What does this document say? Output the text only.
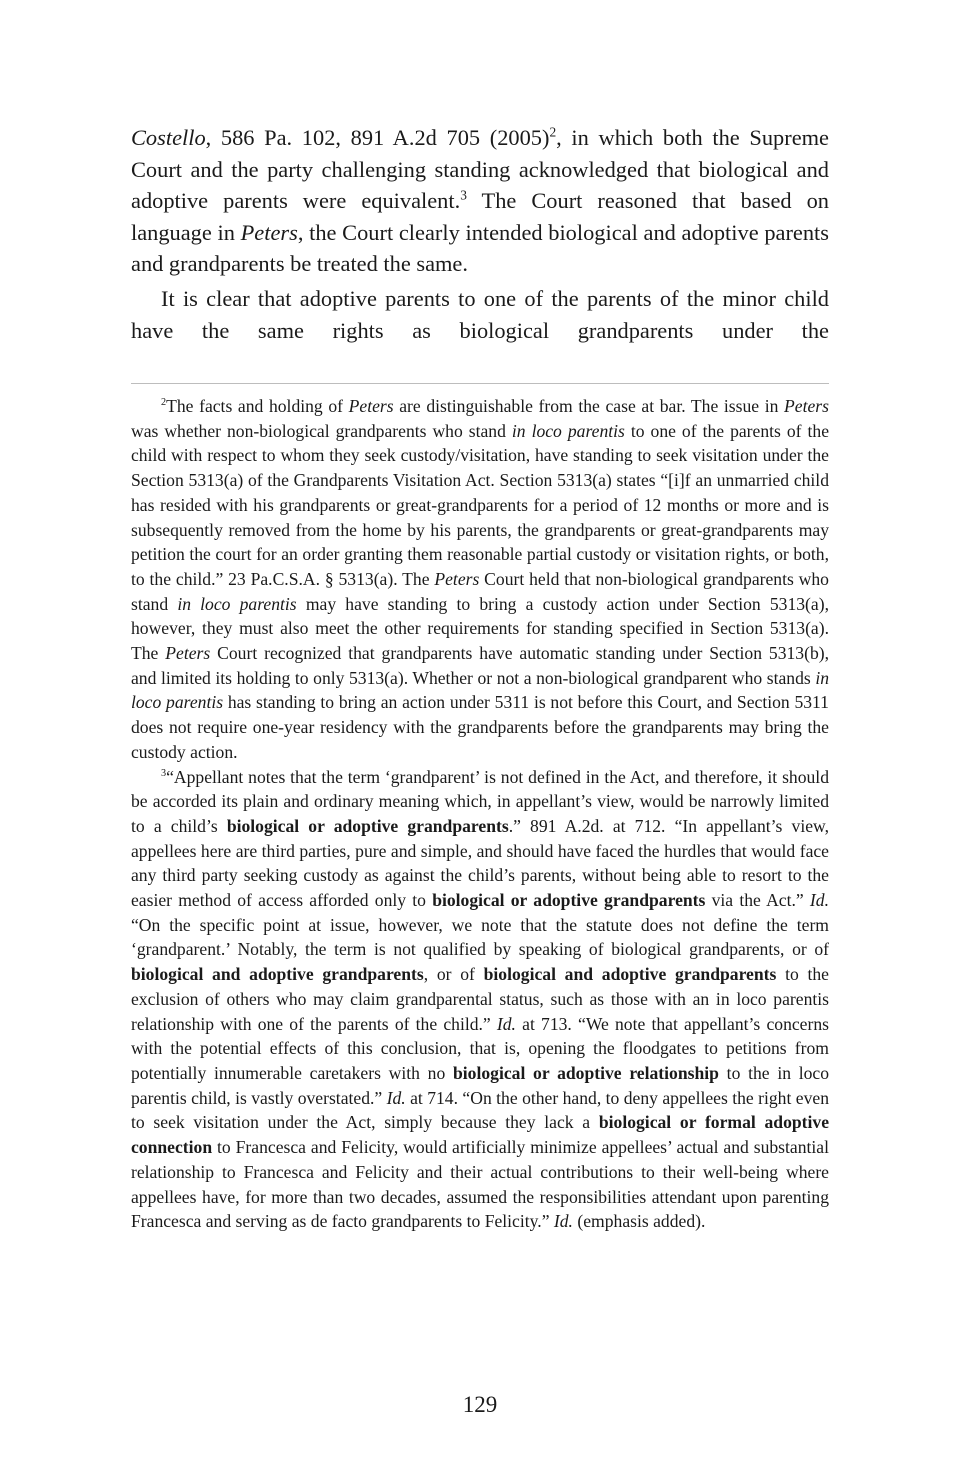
Costello, 586 Pa. 102, 891 A.2d 705 $(2005)^2$, in which both the Supreme Court and the party challenging standing acknowledged that biological and adoptive parents were equivalent.$^3$ The Court reasoned that based on language in Peters, the Court clearly intended biological and adoptive parents and grandparents be treated the same.

It is clear that adoptive parents to one of the parents of the minor child have the same rights as biological grandparents under the

$^2$The facts and holding of Peters are distinguishable from the case at bar. The issue in Peters was whether non-biological grandparents who stand in loco parentis to one of the parents of the child with respect to whom they seek custody/visitation, have standing to seek visitation under the Section 5313(a) of the Grandparents Visitation Act. Section 5313(a) states “[i]f an unmarried child has resided with his grandparents or great-grandparents for a period of 12 months or more and is subsequently removed from the home by his parents, the grandparents or great-grandparents may petition the court for an order granting them reasonable partial custody or visitation rights, or both, to the child.” 23 Pa.C.S.A. § 5313(a). The Peters Court held that non-biological grandparents who stand in loco parentis may have standing to bring a custody action under Section 5313(a), however, they must also meet the other requirements for standing specified in Section 5313(a). The Peters Court recognized that grandparents have automatic standing under Section 5313(b), and limited its holding to only 5313(a). Whether or not a non-biological grandparent who stands in loco parentis has standing to bring an action under 5311 is not before this Court, and Section 5311 does not require one-year residency with the grandparents before the grandparents may bring the custody action.

$^3$“Appellant notes that the term ‘grandparent’ is not defined in the Act, and therefore, it should be accorded its plain and ordinary meaning which, in appellant’s view, would be narrowly limited to a child’s biological or adoptive grandparents.” 891 A.2d. at 712. “In appellant’s view, appellees here are third parties, pure and simple, and should have faced the hurdles that would face any third party seeking custody as against the child’s parents, without being able to resort to the easier method of access afforded only to biological or adoptive grandparents via the Act.” Id. “On the specific point at issue, however, we note that the statute does not define the term ‘grandparent.’ Notably, the term is not qualified by speaking of biological grandparents, or of biological and adoptive grandparents, or of biological and adoptive grandparents to the exclusion of others who may claim grandparental status, such as those with an in loco parentis relationship with one of the parents of the child.” Id. at 713. “We note that appellant’s concerns with the potential effects of this conclusion, that is, opening the floodgates to petitions from potentially innumerable caretakers with no biological or adoptive relationship to the in loco parentis child, is vastly overstated.” Id. at 714. “On the other hand, to deny appellees the right even to seek visitation under the Act, simply because they lack a biological or formal adoptive connection to Francesca and Felicity, would artificially minimize appellees’ actual and substantial relationship to Francesca and Felicity and their actual contributions to their well-being where appellees have, for more than two decades, assumed the responsibilities attendant upon parenting Francesca and serving as de facto grandparents to Felicity.” Id. (emphasis added).

129
